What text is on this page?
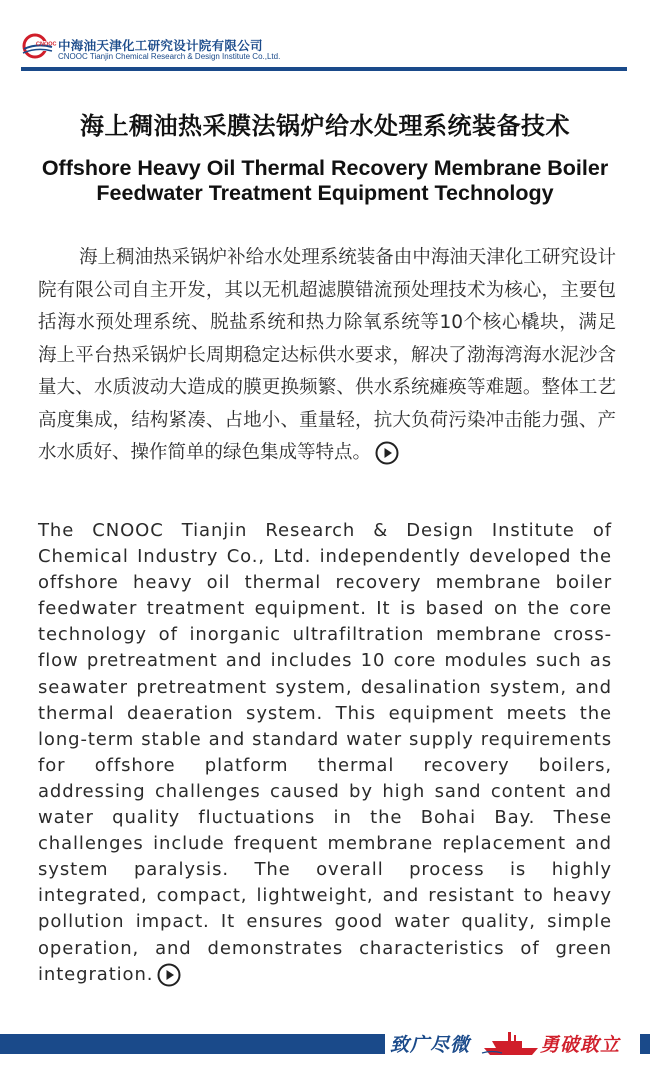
CNOOC 中海油天津化工研究设计院有限公司
CNOOC Tianjin Chemical Research & Design Institute Co.,Ltd.
海上稠油热采膜法锅炉给水处理系统装备技术
Offshore Heavy Oil Thermal Recovery Membrane Boiler Feedwater Treatment Equipment Technology

海上稠油热采锅炉补给水处理系统装备由中海油天津化工研究设计院有限公司自主开发，其以无机超滤膜错流预处理技术为核心，主要包括海水预处理系统、脱盐系统和热力除氧系统等10个核心橇块，满足海上平台热采锅炉长周期稳定达标供水要求，解决了渤海湾海水泥沙含量大、水质波动大造成的膜更换频繁、供水系统瘫痪等难题。整体工艺高度集成，结构紧凑、占地小、重量轻，抗大负荷污染冲击能力强、产水水质好、操作简单的绿色集成等特点。

The CNOOC Tianjin Research & Design Institute of Chemical Industry Co., Ltd. independently developed the offshore heavy oil thermal recovery membrane boiler feedwater treatment equipment. It is based on the core technology of inorganic ultrafiltration membrane cross-flow pretreatment and includes 10 core modules such as seawater pretreatment system, desalination system, and thermal deaeration system. This equipment meets the long-term stable and standard water supply requirements for offshore platform thermal recovery boilers, addressing challenges caused by high sand content and water quality fluctuations in the Bohai Bay. These challenges include frequent membrane replacement and system paralysis. The overall process is highly integrated, compact, lightweight, and resistant to heavy pollution impact. It ensures good water quality, simple operation, and demonstrates characteristics of green integration.

致广尽微	勇破敢立
